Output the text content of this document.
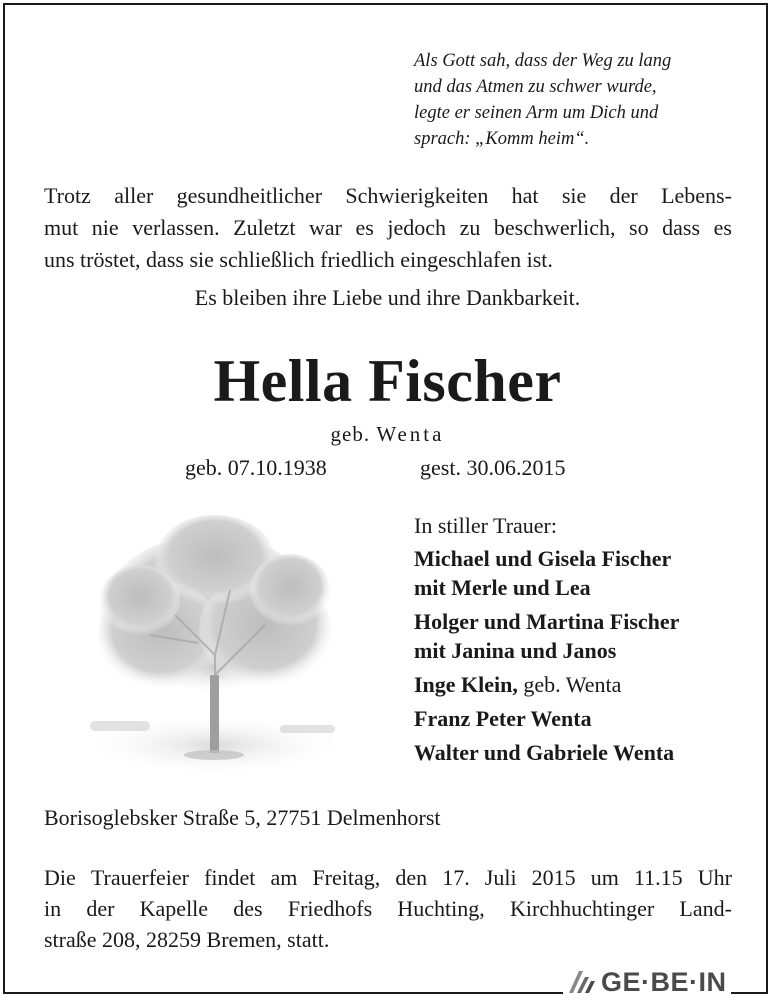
Als Gott sah, dass der Weg zu lang
und das Atmen zu schwer wurde,
legte er seinen Arm um Dich und
sprach: „Komm heim“.
Trotz aller gesundheitlicher Schwierigkeiten hat sie der Lebens-
mut nie verlassen. Zuletzt war es jedoch zu beschwerlich, so dass es
uns tröstet, dass sie schließlich friedlich eingeschlafen ist.
Es bleiben ihre Liebe und ihre Dankbarkeit.
Hella Fischer
geb. Wenta
geb. 07.10.1938	gest. 30.06.2015
In stiller Trauer:
Michael und Gisela Fischer
mit Merle und Lea
Holger und Martina Fischer
mit Janina und Janos
Inge Klein, geb. Wenta
Franz Peter Wenta
Walter und Gabriele Wenta
Borisoglebsker Straße 5, 27751 Delmenhorst
Die Trauerfeier findet am Freitag, den 17. Juli 2015 um 11.15 Uhr
in der Kapelle des Friedhofs Huchting, Kirchhuchtinger Land-
straße 208, 28259 Bremen, statt.
GE·BE·IN
